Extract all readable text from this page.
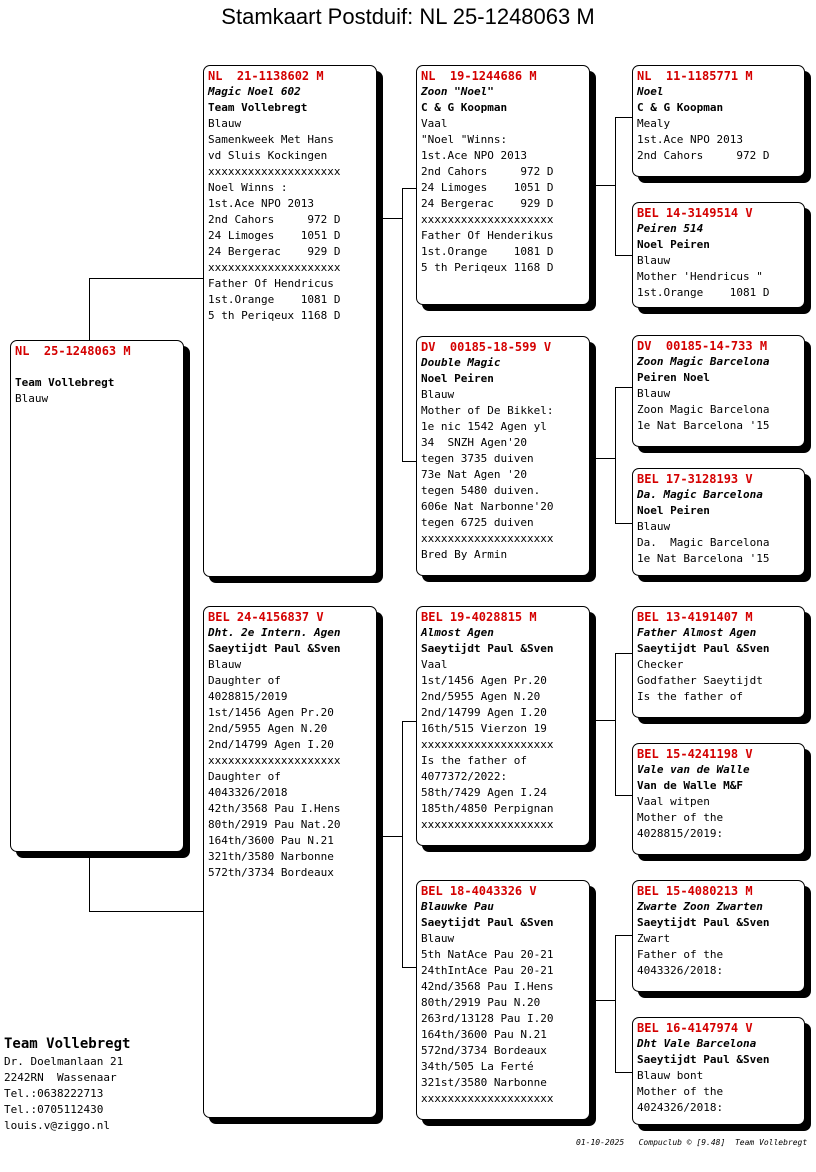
Stamkaart Postduif: NL 25-1248063 M
NL  25-1248063 M
Team Vollebregt
Blauw
NL  21-1138602 M
Magic Noel 602
Team Vollebregt
Blauw
Samenkweek Met Hans
vd Sluis Kockingen
xxxxxxxxxxxxxxxxxxxx
Noel Winns :
1st.Ace NPO 2013
2nd Cahors     972 D
24 Limoges    1051 D
24 Bergerac    929 D
xxxxxxxxxxxxxxxxxxxx
Father Of Hendricus
1st.Orange    1081 D
5 th Periqeux 1168 D
BEL 24-4156837 V
Dht. 2e Intern. Agen
Saeytijdt Paul &Sven
Blauw
Daughter of
4028815/2019
1st/1456 Agen Pr.20
2nd/5955 Agen N.20
2nd/14799 Agen I.20
xxxxxxxxxxxxxxxxxxxx
Daughter of
4043326/2018
42th/3568 Pau I.Hens
80th/2919 Pau Nat.20
164th/3600 Pau N.21
321th/3580 Narbonne
572th/3734 Bordeaux
NL  19-1244686 M
Zoon "Noel"
C & G Koopman
Vaal
"Noel "Winns:
1st.Ace NPO 2013
2nd Cahors     972 D
24 Limoges    1051 D
24 Bergerac    929 D
xxxxxxxxxxxxxxxxxxxx
Father Of Henderikus
1st.Orange    1081 D
5 th Periqeux 1168 D
DV  00185-18-599 V
Double Magic
Noel Peiren
Blauw
Mother of De Bikkel:
1e nic 1542 Agen yl
34  SNZH Agen'20
tegen 3735 duiven
73e Nat Agen '20
tegen 5480 duiven.
606e Nat Narbonne'20
tegen 6725 duiven
xxxxxxxxxxxxxxxxxxxx
Bred By Armin
BEL 19-4028815 M
Almost Agen
Saeytijdt Paul &Sven
Vaal
1st/1456 Agen Pr.20
2nd/5955 Agen N.20
2nd/14799 Agen I.20
16th/515 Vierzon 19
xxxxxxxxxxxxxxxxxxxx
Is the father of
4077372/2022:
58th/7429 Agen I.24
185th/4850 Perpignan
xxxxxxxxxxxxxxxxxxxx
BEL 18-4043326 V
Blauwke Pau
Saeytijdt Paul &Sven
Blauw
5th NatAce Pau 20-21
24thIntAce Pau 20-21
42nd/3568 Pau I.Hens
80th/2919 Pau N.20
263rd/13128 Pau I.20
164th/3600 Pau N.21
572nd/3734 Bordeaux
34th/505 La Ferté
321st/3580 Narbonne
xxxxxxxxxxxxxxxxxxxx
NL  11-1185771 M
Noel
C & G Koopman
Mealy
1st.Ace NPO 2013
2nd Cahors     972 D
BEL 14-3149514 V
Peiren 514
Noel Peiren
Blauw
Mother 'Hendricus "
1st.Orange    1081 D
DV  00185-14-733 M
Zoon Magic Barcelona
Peiren Noel
Blauw
Zoon Magic Barcelona
1e Nat Barcelona '15
BEL 17-3128193 V
Da. Magic Barcelona
Noel Peiren
Blauw
Da.  Magic Barcelona
1e Nat Barcelona '15
BEL 13-4191407 M
Father Almost Agen
Saeytijdt Paul &Sven
Checker
Godfather Saeytijdt
Is the father of
BEL 15-4241198 V
Vale van de Walle
Van de Walle M&F
Vaal witpen
Mother of the
4028815/2019:
BEL 15-4080213 M
Zwarte Zoon Zwarten
Saeytijdt Paul &Sven
Zwart
Father of the
4043326/2018:
BEL 16-4147974 V
Dht Vale Barcelona
Saeytijdt Paul &Sven
Blauw bont
Mother of the
4024326/2018:
Team Vollebregt
Dr. Doelmanlaan 21
2242RN  Wassenaar
Tel.:0638222713
Tel.:0705112430
louis.v@ziggo.nl
01-10-2025   Compuclub © [9.48]  Team Vollebregt
